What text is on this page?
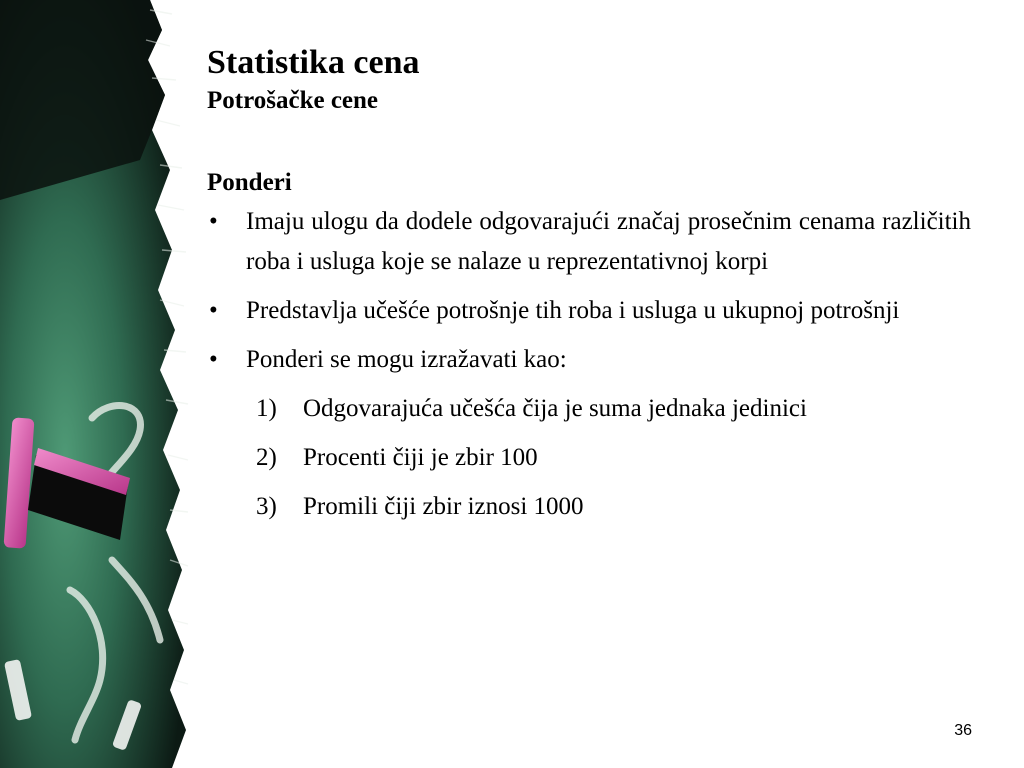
Statistika cena
Potrošačke cene
Ponderi
• Imaju ulogu da dodele odgovarajući značaj prosečnim cenama različitih roba i usluga koje se nalaze u reprezentativnoj korpi
• Predstavlja učešće potrošnje tih roba i usluga u ukupnoj potrošnji
• Ponderi se mogu izražavati kao:
1) Odgovarajuća učešća čija je suma jednaka jedinici
2) Procenti čiji je zbir 100
3) Promili čiji zbir iznosi 1000
36
